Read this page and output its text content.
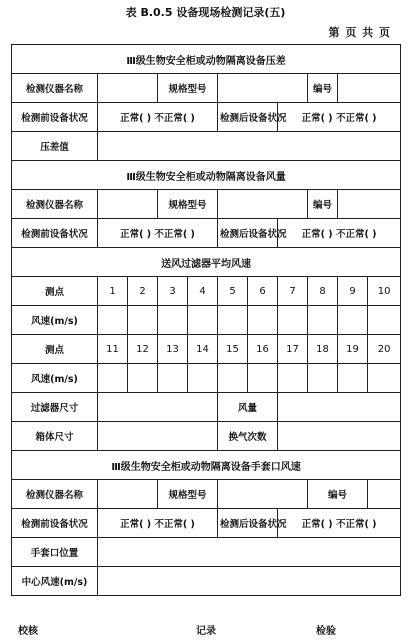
表 B.0.5 设备现场检测记录(五)
第 页 共 页
Ⅲ级生物安全柜或动物隔离设备压差										
检测仪器名称			规格型号					编号		
检测前设备状况	正常( ) 不正常( )				检测后设备状况		正常( ) 不正常( )			
压差值										
Ⅲ级生物安全柜或动物隔离设备风量										
检测仪器名称			规格型号					编号		
检测前设备状况	正常( ) 不正常( )				检测后设备状况		正常( ) 不正常( )			
送风过滤器平均风速										
测点	1	2	3	4	5	6	7	8	9	10
风速(m/s)										
测点	11	12	13	14	15	16	17	18	19	20
风速(m/s)										
过滤器尺寸					风量					
箱体尺寸					换气次数					
Ⅲ级生物安全柜或动物隔离设备手套口风速										
检测仪器名称			规格型号					编号		
检测前设备状况	正常( ) 不正常( )				检测后设备状况		正常( ) 不正常( )			
手套口位置										
中心风速(m/s)										
校核	记录	检验
